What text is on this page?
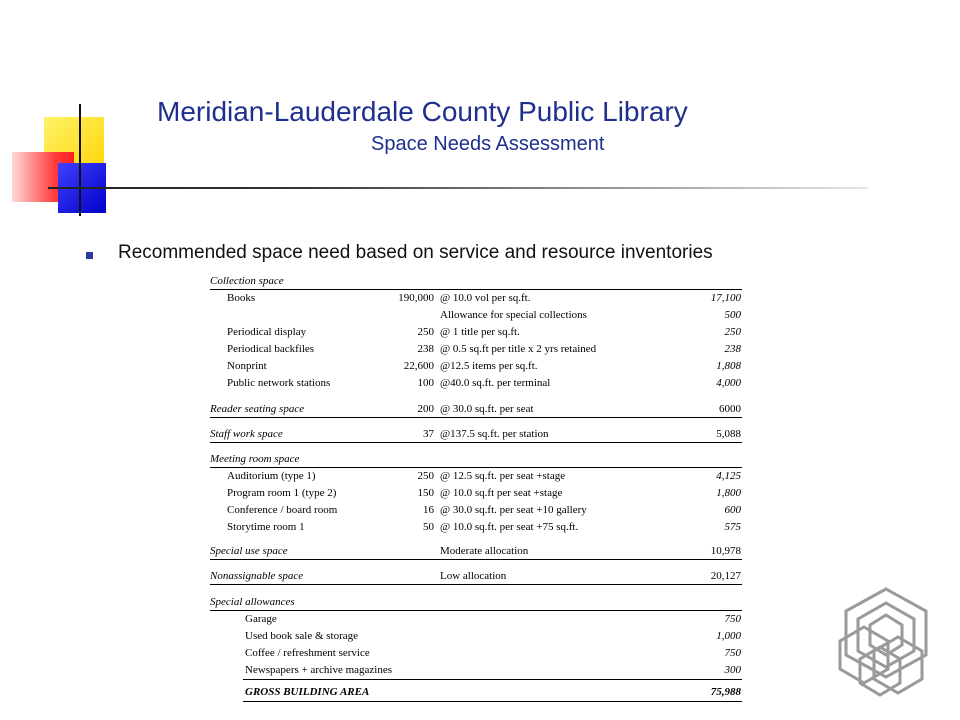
Meridian-Lauderdale County Public Library
Space Needs Assessment
Recommended space need based on service and resource inventories
Collection space
Books	190,000 @ 10.0 vol per sq.ft.	17,100
Allowance for special collections	500
Periodical display	250 @ 1 title per sq.ft.	250
Periodical backfiles	238 @ 0.5 sq.ft per title x 2 yrs retained	238
Nonprint	22,600 @12.5 items per sq.ft.	1,808
Public network stations	100 @40.0 sq.ft. per terminal	4,000
Reader seating space	200 @ 30.0 sq.ft. per seat	6000
Staff work space	37 @137.5 sq.ft. per station	5,088
Meeting room space
Auditorium (type 1)	250 @ 12.5 sq.ft. per seat +stage	4,125
Program room 1 (type 2)	150 @ 10.0 sq.ft per seat +stage	1,800
Conference / board room	16 @ 30.0 sq.ft. per seat +10 gallery	600
Storytime room 1	50 @ 10.0 sq.ft. per seat +75 sq.ft.	575
Special use space	Moderate allocation	10,978
Nonassignable space	Low allocation	20,127
Special allowances
Garage	750
Used book sale & storage	1,000
Coffee / refreshment service	750
Newspapers + archive magazines	300
GROSS BUILDING AREA	75,988
